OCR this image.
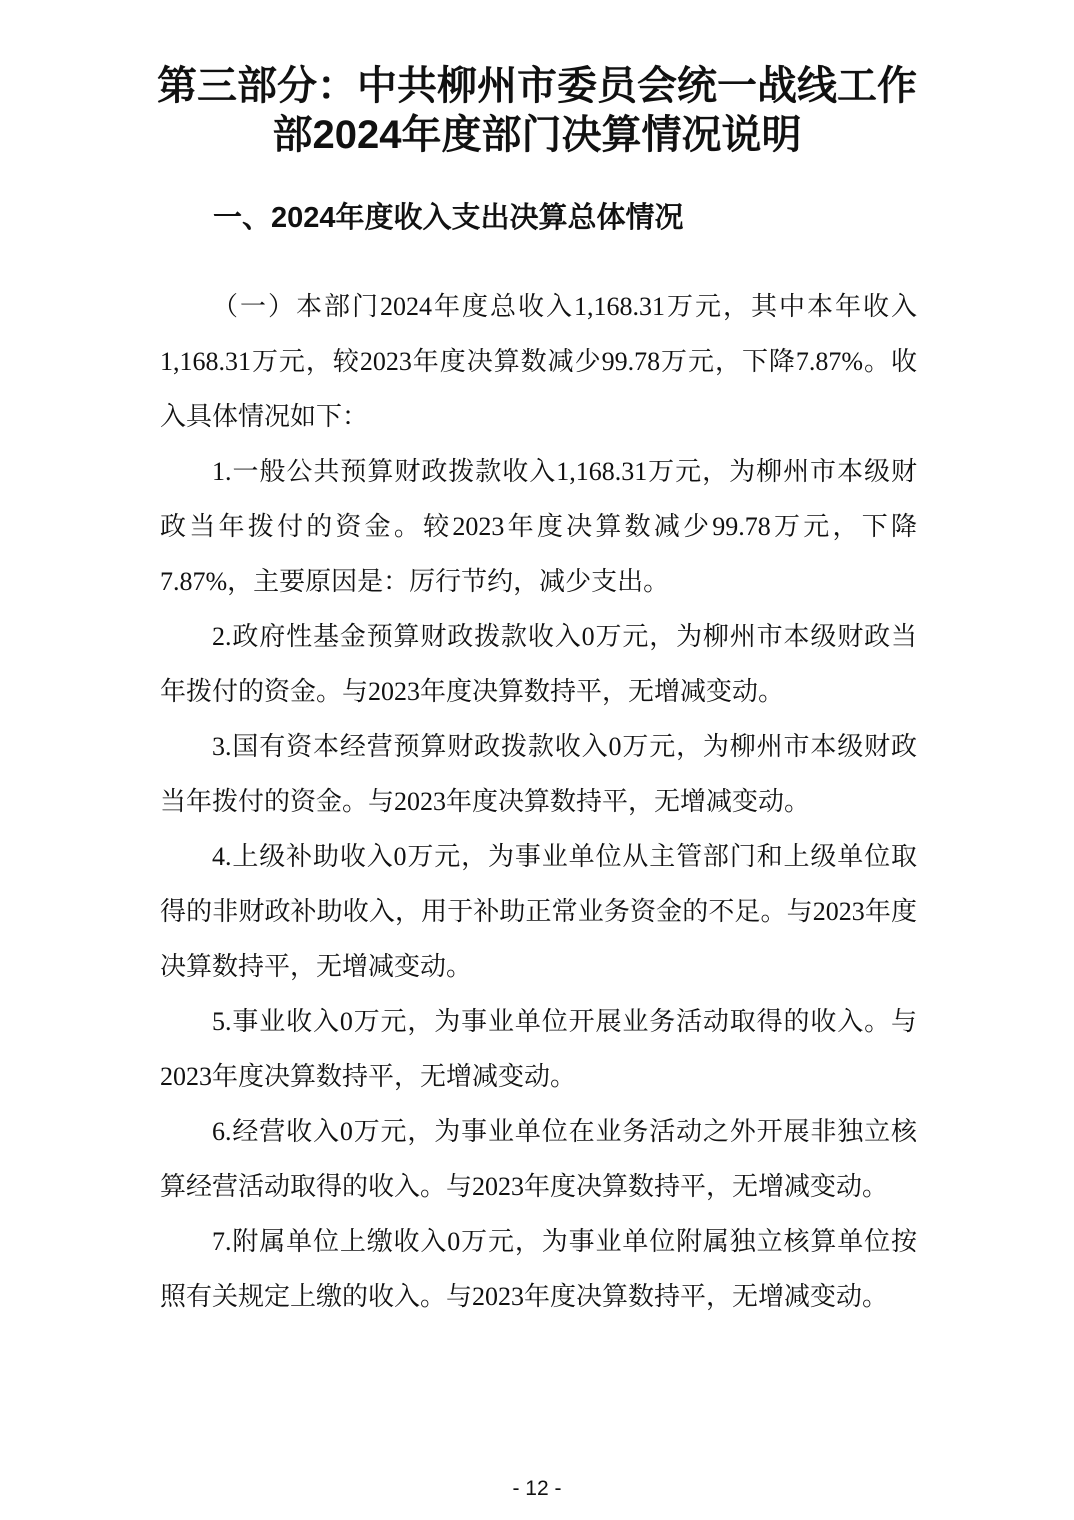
第三部分：中共柳州市委员会统一战线工作
部2024年度部门决算情况说明
一、2024年度收入支出决算总体情况

（一）本部门2024年度总收入1,168.31万元，其中本年收入1,168.31万元，较2023年度决算数减少99.78万元，下降7.87%。收入具体情况如下：

1.一般公共预算财政拨款收入1,168.31万元，为柳州市本级财政当年拨付的资金。较2023年度决算数减少99.78万元，下降7.87%，主要原因是：厉行节约，减少支出。

2.政府性基金预算财政拨款收入0万元，为柳州市本级财政当年拨付的资金。与2023年度决算数持平，无增减变动。

3.国有资本经营预算财政拨款收入0万元，为柳州市本级财政当年拨付的资金。与2023年度决算数持平，无增减变动。

4.上级补助收入0万元，为事业单位从主管部门和上级单位取得的非财政补助收入，用于补助正常业务资金的不足。与2023年度决算数持平，无增减变动。

5.事业收入0万元，为事业单位开展业务活动取得的收入。与2023年度决算数持平，无增减变动。

6.经营收入0万元，为事业单位在业务活动之外开展非独立核算经营活动取得的收入。与2023年度决算数持平，无增减变动。

7.附属单位上缴收入0万元，为事业单位附属独立核算单位按照有关规定上缴的收入。与2023年度决算数持平，无增减变动。

- 12 -
